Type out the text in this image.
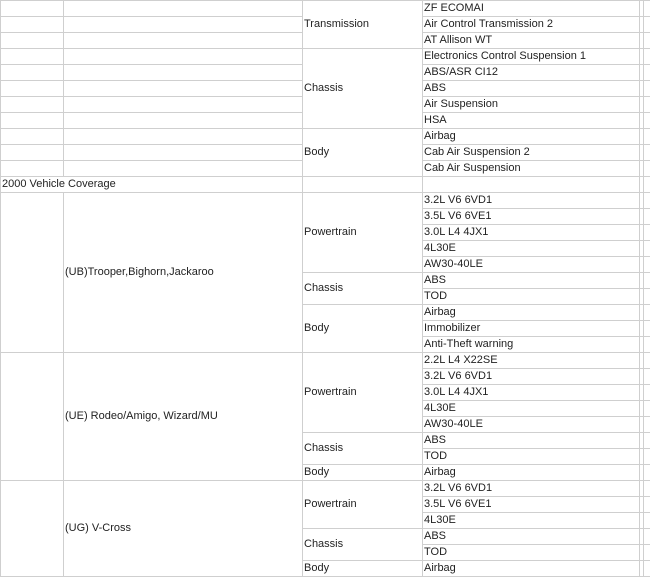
		Transmission	ZF ECOMAI		
			Air Control Transmission 2		
			AT Allison WT		
		Chassis	Electronics Control Suspension 1		
			ABS/ASR CI12		
			ABS		
			Air Suspension		
			HSA		
		Body	Airbag		
			Cab Air Suspension 2		
			Cab Air Suspension		
2000 Vehicle Coverage					
	(UB)Trooper,Bighorn,Jackaroo	Powertrain	3.2L V6 6VD1		
			3.5L V6 6VE1		
			3.0L L4 4JX1		
			4L30E		
			AW30-40LE		
		Chassis	ABS		
			TOD		
		Body	Airbag		
			Immobilizer		
			Anti-Theft warning		
	(UE) Rodeo/Amigo, Wizard/MU	Powertrain	2.2L L4 X22SE		
			3.2L V6 6VD1		
			3.0L L4 4JX1		
			4L30E		
			AW30-40LE		
		Chassis	ABS		
			TOD		
		Body	Airbag		
	(UG) V-Cross	Powertrain	3.2L V6 6VD1		
			3.5L V6 6VE1		
			4L30E		
		Chassis	ABS		
			TOD		
		Body	Airbag		
